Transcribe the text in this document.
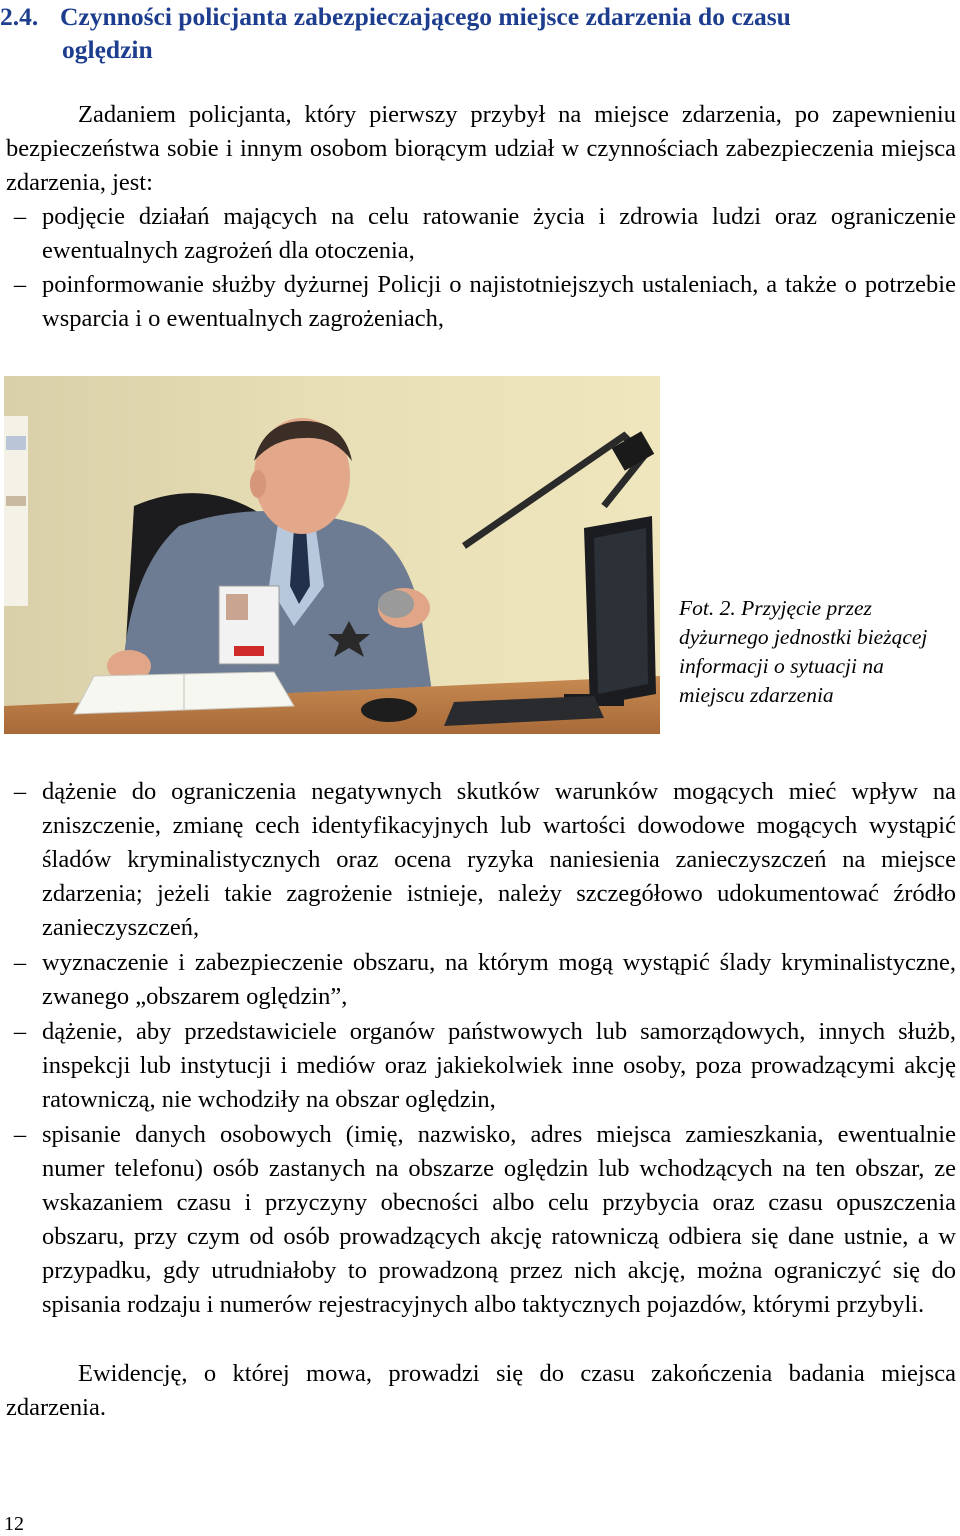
2.4. Czynności policjanta zabezpieczającego miejsce zdarzenia do czasu
oględzin

Zadaniem policjanta, który pierwszy przybył na miejsce zdarzenia, po zapewnieniu bezpieczeństwa sobie i innym osobom biorącym udział w czynnościach zabezpieczenia miejsca zdarzenia, jest:

–
podjęcie działań mających na celu ratowanie życia i zdrowia ludzi oraz ograniczenie ewentualnych zagrożeń dla otoczenia,
–
poinformowanie służby dyżurnej Policji o najistotniejszych ustaleniach, a także o potrzebie wsparcia i o ewentualnych zagrożeniach,

Fot. 2. Przyjęcie przez dyżurnego jednostki bieżącej informacji o sytuacji na miejscu zdarzenia

–
dążenie do ograniczenia negatywnych skutków warunków mogących mieć wpływ na zniszczenie, zmianę cech identyfikacyjnych lub wartości dowodowe mogących wystąpić śladów kryminalistycznych oraz ocena ryzyka naniesienia zanieczyszczeń na miejsce zdarzenia; jeżeli takie zagrożenie istnieje, należy szczegółowo udokumentować źródło zanieczyszczeń,
–
wyznaczenie i zabezpieczenie obszaru, na którym mogą wystąpić ślady kryminalistyczne, zwanego „obszarem oględzin”,
–
dążenie, aby przedstawiciele organów państwowych lub samorządowych, innych służb, inspekcji lub instytucji i mediów oraz jakiekolwiek inne osoby, poza prowadzącymi akcję ratowniczą, nie wchodziły na obszar oględzin,
–
spisanie danych osobowych (imię, nazwisko, adres miejsca zamieszkania, ewentualnie numer telefonu) osób zastanych na obszarze oględzin lub wchodzących na ten obszar, ze wskazaniem czasu i przyczyny obecności albo celu przybycia oraz czasu opuszczenia obszaru, przy czym od osób prowadzących akcję ratowniczą odbiera się dane ustnie, a w przypadku, gdy utrudniałoby to prowadzoną przez nich akcję, można ograniczyć się do spisania rodzaju i numerów rejestracyjnych albo taktycznych pojazdów, którymi przybyli.

Ewidencję, o której mowa, prowadzi się do czasu zakończenia badania miejsca zdarzenia.

12
